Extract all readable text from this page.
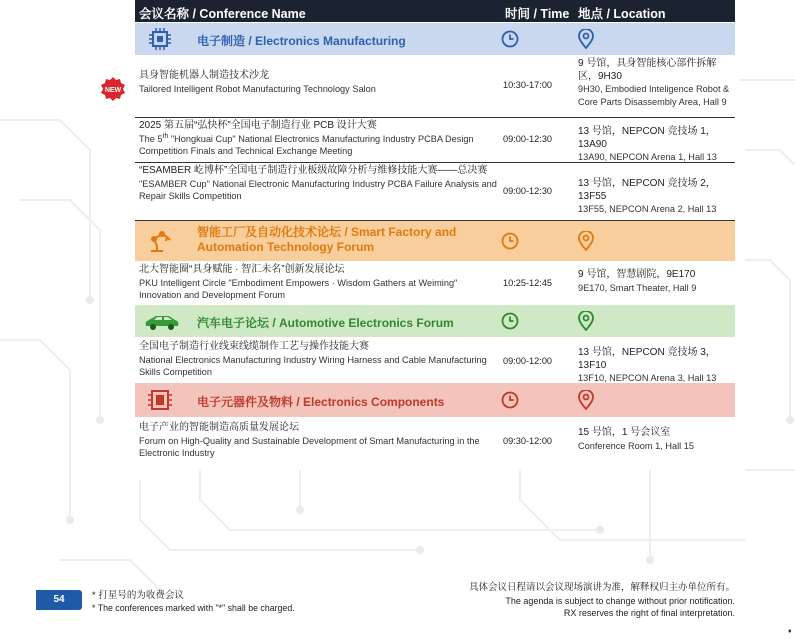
会议名称 / Conference Name	时间 / Time 地点 / Location
电子制造 / Electronics Manufacturing
具身智能机器人制造技术沙龙
Tailored Intelligent Robot Manufacturing Technology Salon	10:30-17:00
9 号馆，具身智能核心部件拆解区，9H30
9H30, Embodied Inteligence Robot & Core Parts Disassembly Area, Hall 9
2025 第五届“弘快杯”全国电子制造行业 PCB 设计大赛
The 5th "Hongkuai Cup" National Electronics Manufacturing Industry PCBA Design Competition Finals and Technical Exchange Meeting
09:00-12:30
13 号馆，NEPCON 竞技场 1，13A90
13A90, NEPCON Arena 1, Hall 13
“ESAMBER 屹博杯”全国电子制造行业板级故障分析与维修技能大赛——总决赛
"ESAMBER Cup" National Electronic Manufacturing Industry PCBA Failure Analysis and Repair Skills Competition	09:00-12:30
13 号馆，NEPCON 竞技场 2，13F55
13F55, NEPCON Arena 2, Hall 13
智能工厂及自动化技术论坛 / Smart Factory and
Automation Technology Forum
北大智能圈“具身赋能 · 智汇未名”创新发展论坛
PKU Intelligent Circle "Embodiment Empowers · Wisdom Gathers at Weiming" Innovation and Development Forum
10:25-12:45
9 号馆，智慧剧院，9E170
9E170, Smart Theater, Hall 9
汽车电子论坛 / Automotive Electronics Forum
全国电子制造行业线束线缆制作工艺与操作技能大赛
National Electronics Manufacturing Industry Wiring Harness and Cable Manufacturing Skills Competition
09:00-12:00
13 号馆，NEPCON 竞技场 3，13F10
13F10, NEPCON Arena 3, Hall 13
电子元器件及物料 / Electronics Components
电子产业的智能制造高质量发展论坛
Forum on High-Quality and Sustainable Development of Smart Manufacturing in the Electronic Industry
09:30-12:00
15 号馆，1 号会议室
Conference Room 1, Hall 15
NEW
54	* 打星号的为收费会议
* The conferences marked with "*" shall be charged.
具体会议日程请以会议现场演讲为准，解释权归主办单位所有。
The agenda is subject to change without prior notification.
RX reserves the right of final interpretation.
♦
